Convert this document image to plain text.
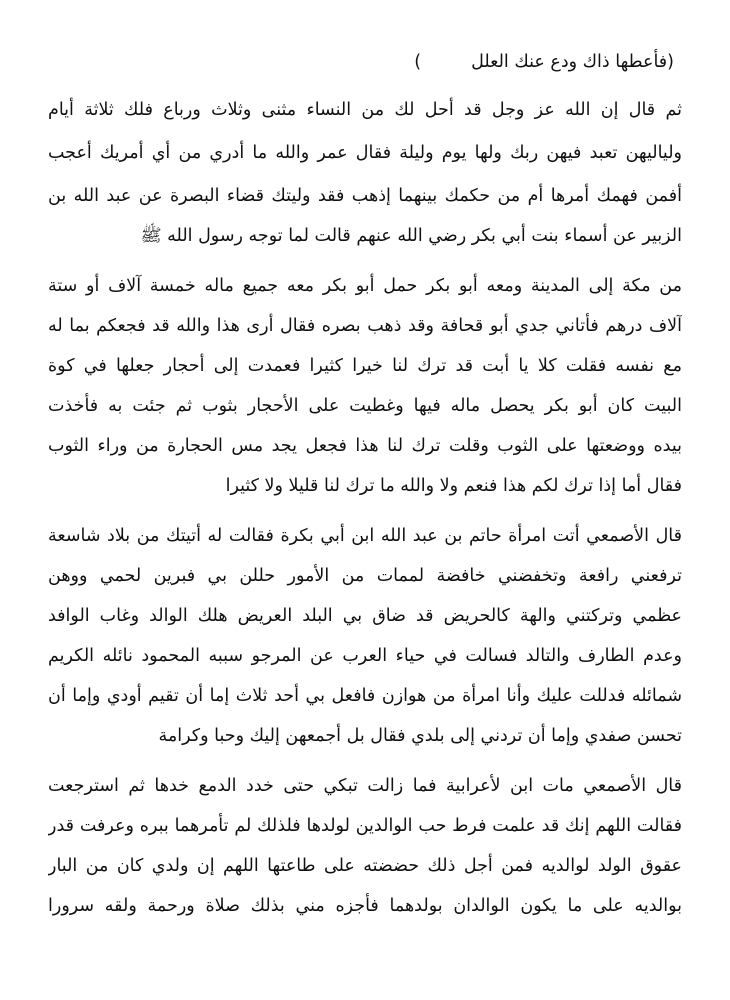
(فأعطها ذاك ودع عنك العلل         )
ثم قال إن الله عز وجل قد أحل لك من النساء مثنى وثلاث ورباع فلك ثلاثة أيام
ولياليهن تعبد فيهن ربك ولها يوم وليلة فقال عمر والله ما أدري من أي أمريك أعجب
أفمن فهمك أمرها أم من حكمك بينهما إذهب فقد وليتك قضاء البصرة عن عبد الله بن
الزبير عن أسماء بنت أبي بكر رضي الله عنهم قالت لما توجه رسول الله ﷺ
من مكة إلى المدينة ومعه أبو بكر حمل أبو بكر معه جميع ماله خمسة آلاف أو ستة
آلاف درهم فأتاني جدي أبو قحافة وقد ذهب بصره فقال أرى هذا والله قد فجعكم بما له
مع نفسه فقلت كلا يا أبت قد ترك لنا خيرا كثيرا فعمدت إلى أحجار جعلها في كوة
البيت كان أبو بكر يحصل ماله فيها وغطيت على الأحجار بثوب ثم جئت به فأخذت
بيده ووضعتها على الثوب وقلت ترك لنا هذا فجعل يجد مس الحجارة من وراء الثوب
فقال أما إذا ترك لكم هذا فنعم ولا والله ما ترك لنا قليلا ولا كثيرا
قال الأصمعي أتت امرأة حاتم بن عبد الله ابن أبي بكرة فقالت له أتيتك من بلاد شاسعة
ترفعني رافعة وتخفضني خافضة لممات من الأمور حللن بي فبرين لحمي ووهن
عظمي وتركتني والهة كالحريض قد ضاق بي البلد العريض هلك الوالد وغاب الوافد
وعدم الطارف والتالد فسالت في حياء العرب عن المرجو سببه المحمود نائله الكريم
شمائله فدللت عليك وأنا امرأة من هوازن فافعل بي أحد ثلاث إما أن تقيم أودي وإما أن
تحسن صفدي وإما أن تردني إلى بلدي فقال بل أجمعهن إليك وحبا وكرامة
قال الأصمعي مات ابن لأعرابية فما زالت تبكي حتى خدد الدمع خدها ثم استرجعت
فقالت اللهم إنك قد علمت فرط حب الوالدين لولدها فلذلك لم تأمرهما ببره وعرفت قدر
عقوق الولد لوالديه فمن أجل ذلك حضضته على طاعتها اللهم إن ولدي كان من البار
بوالديه على ما يكون الوالدان بولدهما فأجزه مني بذلك صلاة ورحمة ولقه سرورا
